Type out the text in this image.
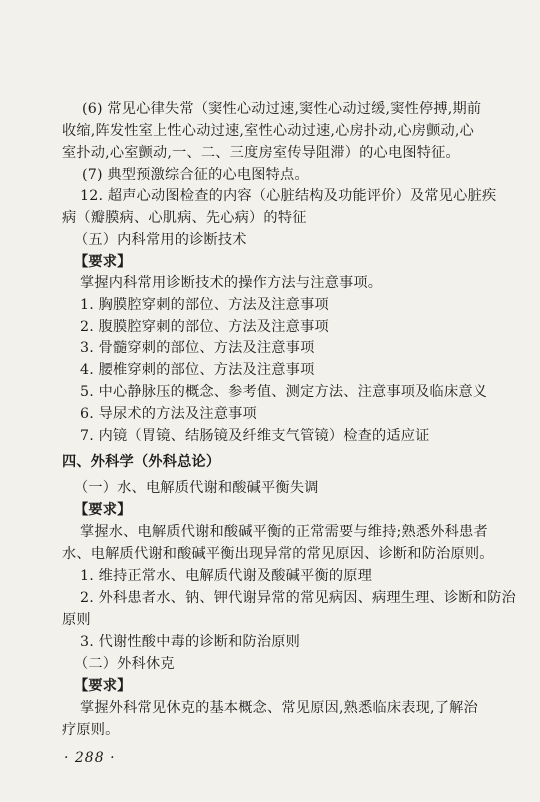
(6) 常见心律失常（窦性心动过速,窦性心动过缓,窦性停搏,期前
收缩,阵发性室上性心动过速,室性心动过速,心房扑动,心房颤动,心
室扑动,心室颤动,一、二、三度房室传导阻滞）的心电图特征。
(7) 典型预激综合征的心电图特点。
12. 超声心动图检查的内容（心脏结构及功能评价）及常见心脏疾
病（瓣膜病、心肌病、先心病）的特征
（五）内科常用的诊断技术
【要求】
掌握内科常用诊断技术的操作方法与注意事项。
1. 胸膜腔穿刺的部位、方法及注意事项
2. 腹膜腔穿刺的部位、方法及注意事项
3. 骨髓穿刺的部位、方法及注意事项
4. 腰椎穿刺的部位、方法及注意事项
5. 中心静脉压的概念、参考值、测定方法、注意事项及临床意义
6. 导尿术的方法及注意事项
7. 内镜（胃镜、结肠镜及纤维支气管镜）检查的适应证
四、外科学（外科总论）
（一）水、电解质代谢和酸碱平衡失调
【要求】
掌握水、电解质代谢和酸碱平衡的正常需要与维持;熟悉外科患者
水、电解质代谢和酸碱平衡出现异常的常见原因、诊断和防治原则。
1. 维持正常水、电解质代谢及酸碱平衡的原理
2. 外科患者水、钠、钾代谢异常的常见病因、病理生理、诊断和防治
原则
3. 代谢性酸中毒的诊断和防治原则
（二）外科休克
【要求】
掌握外科常见休克的基本概念、常见原因,熟悉临床表现,了解治
疗原则。
· 288 ·
